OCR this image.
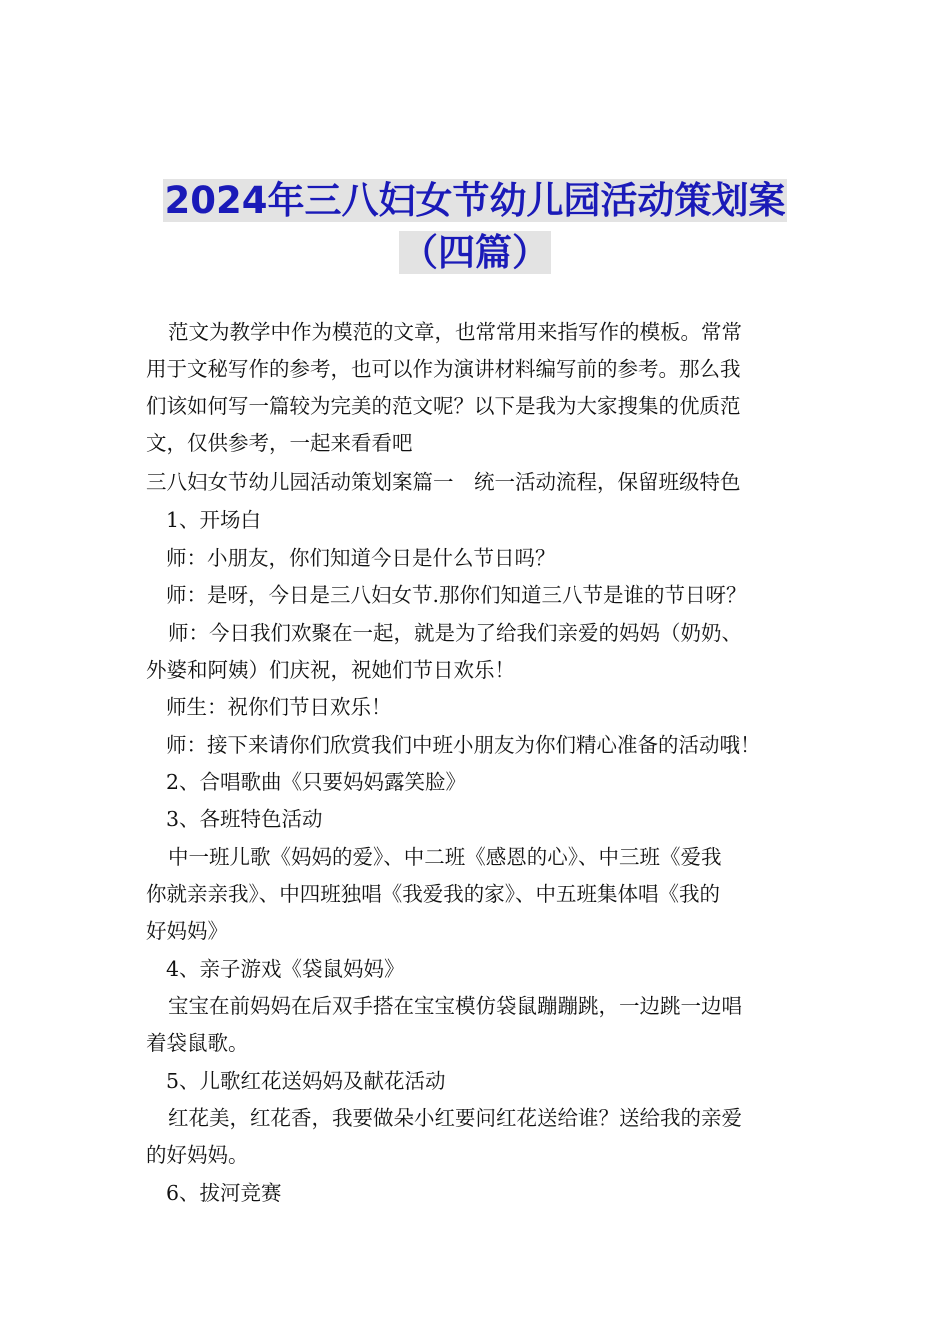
2024年三八妇女节幼儿园活动策划案
（四篇）
范文为教学中作为模范的文章，也常常用来指写作的模板。常常
用于文秘写作的参考，也可以作为演讲材料编写前的参考。那么我
们该如何写一篇较为完美的范文呢？以下是我为大家搜集的优质范
文，仅供参考，一起来看看吧
三八妇女节幼儿园活动策划案篇一　统一活动流程，保留班级特色
1、开场白
师：小朋友，你们知道今日是什么节日吗？
师：是呀，今日是三八妇女节.那你们知道三八节是谁的节日呀？
师：今日我们欢聚在一起，就是为了给我们亲爱的妈妈（奶奶、
外婆和阿姨）们庆祝，祝她们节日欢乐！
师生：祝你们节日欢乐！
师：接下来请你们欣赏我们中班小朋友为你们精心准备的活动哦！
2、合唱歌曲《只要妈妈露笑脸》
3、各班特色活动
中一班儿歌《妈妈的爱》、中二班《感恩的心》、中三班《爱我
你就亲亲我》、中四班独唱《我爱我的家》、中五班集体唱《我的
好妈妈》
4、亲子游戏《袋鼠妈妈》
宝宝在前妈妈在后双手搭在宝宝模仿袋鼠蹦蹦跳，一边跳一边唱
着袋鼠歌。
5、儿歌红花送妈妈及献花活动
红花美，红花香，我要做朵小红要问红花送给谁？送给我的亲爱
的好妈妈。
6、拔河竞赛
